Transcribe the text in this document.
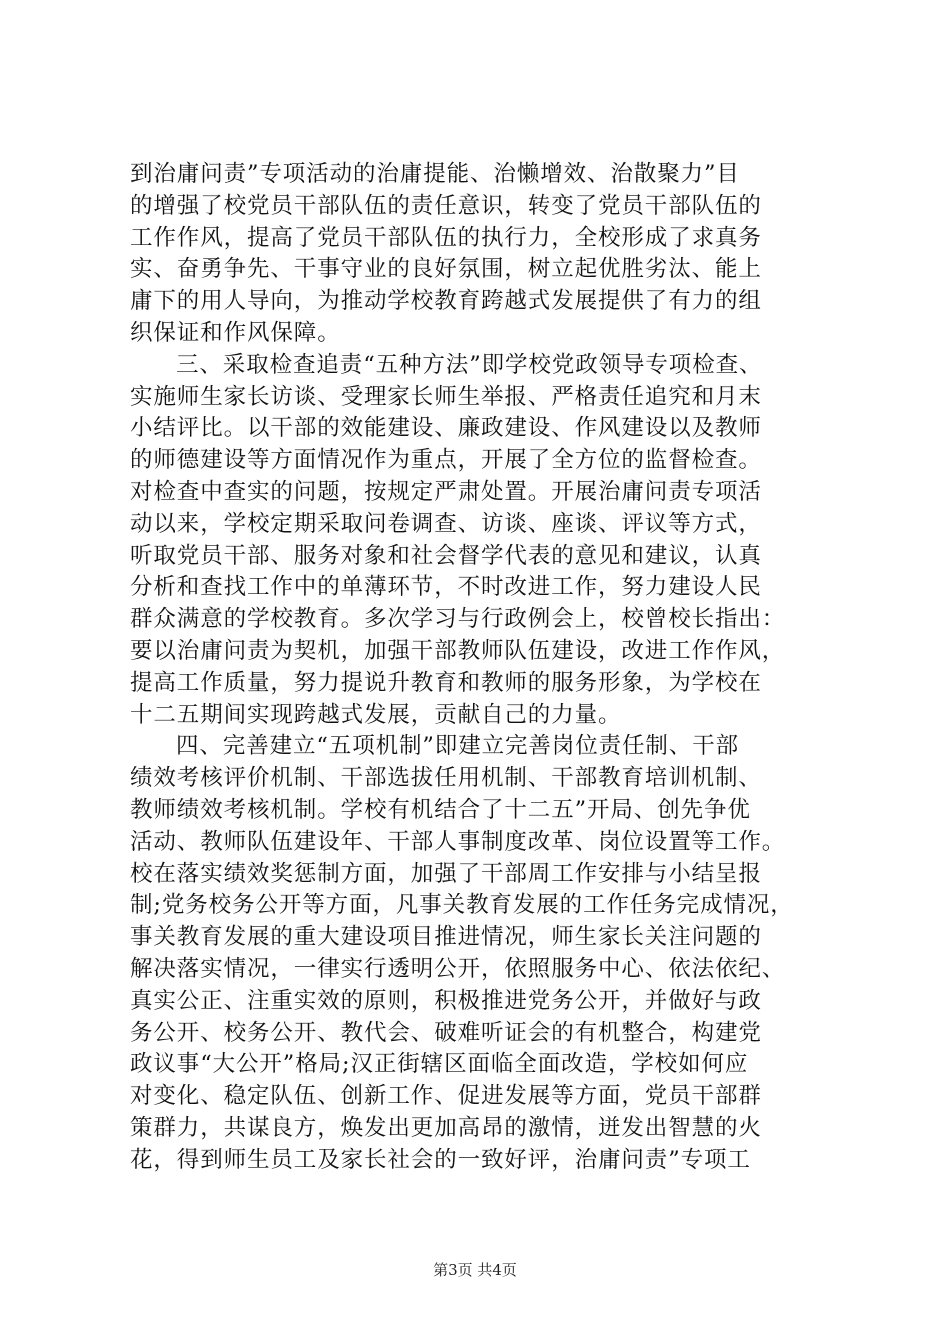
到治庸问责”专项活动的治庸提能、治懒增效、治散聚力”目
的增强了校党员干部队伍的责任意识，转变了党员干部队伍的
工作作风，提高了党员干部队伍的执行力，全校形成了求真务
实、奋勇争先、干事守业的良好氛围，树立起优胜劣汰、能上
庸下的用人导向，为推动学校教育跨越式发展提供了有力的组
织保证和作风保障。
三、采取检查追责“五种方法”即学校党政领导专项检查、
实施师生家长访谈、受理家长师生举报、严格责任追究和月末
小结评比。以干部的效能建设、廉政建设、作风建设以及教师
的师德建设等方面情况作为重点，开展了全方位的监督检查。
对检查中查实的问题，按规定严肃处置。开展治庸问责专项活
动以来，学校定期采取问卷调查、访谈、座谈、评议等方式，
听取党员干部、服务对象和社会督学代表的意见和建议，认真
分析和查找工作中的单薄环节，不时改进工作，努力建设人民
群众满意的学校教育。多次学习与行政例会上，校曾校长指出：
要以治庸问责为契机，加强干部教师队伍建设，改进工作作风，
提高工作质量，努力提说升教育和教师的服务形象，为学校在
十二五期间实现跨越式发展，贡献自己的力量。
四、完善建立“五项机制”即建立完善岗位责任制、干部
绩效考核评价机制、干部选拔任用机制、干部教育培训机制、
教师绩效考核机制。学校有机结合了十二五”开局、创先争优
活动、教师队伍建设年、干部人事制度改革、岗位设置等工作。
校在落实绩效奖惩制方面，加强了干部周工作安排与小结呈报
制;党务校务公开等方面，凡事关教育发展的工作任务完成情况，
事关教育发展的重大建设项目推进情况，师生家长关注问题的
解决落实情况，一律实行透明公开，依照服务中心、依法依纪、
真实公正、注重实效的原则，积极推进党务公开，并做好与政
务公开、校务公开、教代会、破难听证会的有机整合，构建党
政议事“大公开”格局;汉正街辖区面临全面改造，学校如何应
对变化、稳定队伍、创新工作、促进发展等方面，党员干部群
策群力，共谋良方，焕发出更加高昂的激情，迸发出智慧的火
花，得到师生员工及家长社会的一致好评，治庸问责”专项工
第3页 共4页
